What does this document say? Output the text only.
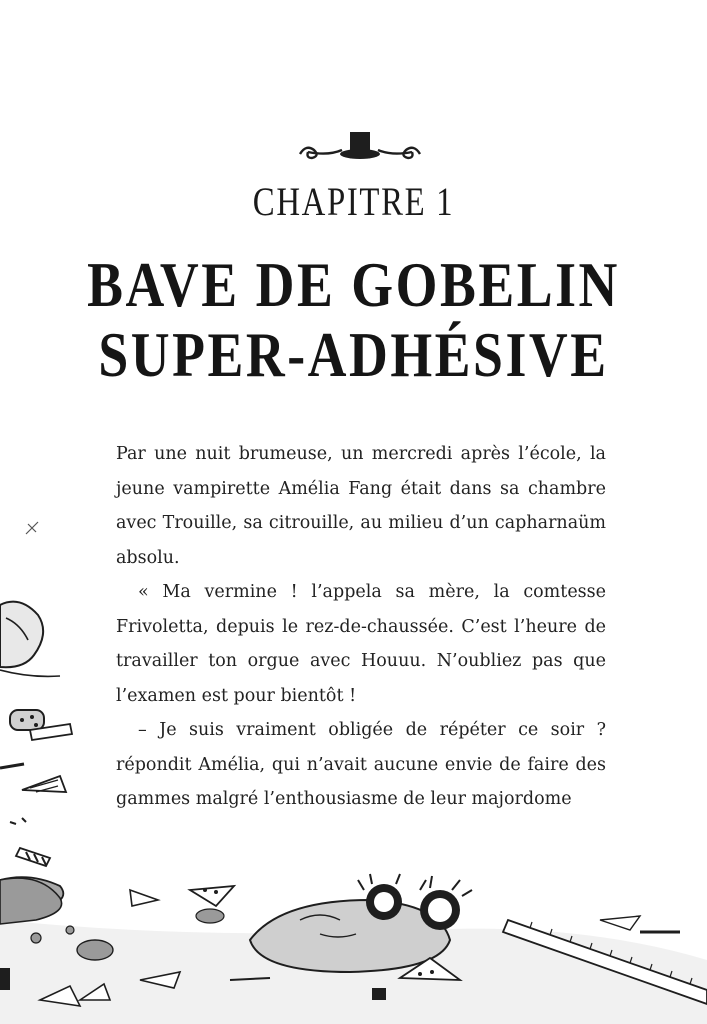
CHAPITRE 1
BAVE DE GOBELIN
SUPER-ADHÉSIVE

Par une nuit brumeuse, un mercredi après l’école, la jeune vampirette Amélia Fang était dans sa chambre avec Trouille, sa citrouille, au milieu d’un capharnaüm absolu.

« Ma vermine ! l’appela sa mère, la comtesse Frivoletta, depuis le rez-de-chaussée. C’est l’heure de travailler ton orgue avec Houuu. N’oubliez pas que l’examen est pour bientôt !

– Je suis vraiment obligée de répéter ce soir ? répondit Amélia, qui n’avait aucune envie de faire des gammes malgré l’enthousiasme de leur majordome
